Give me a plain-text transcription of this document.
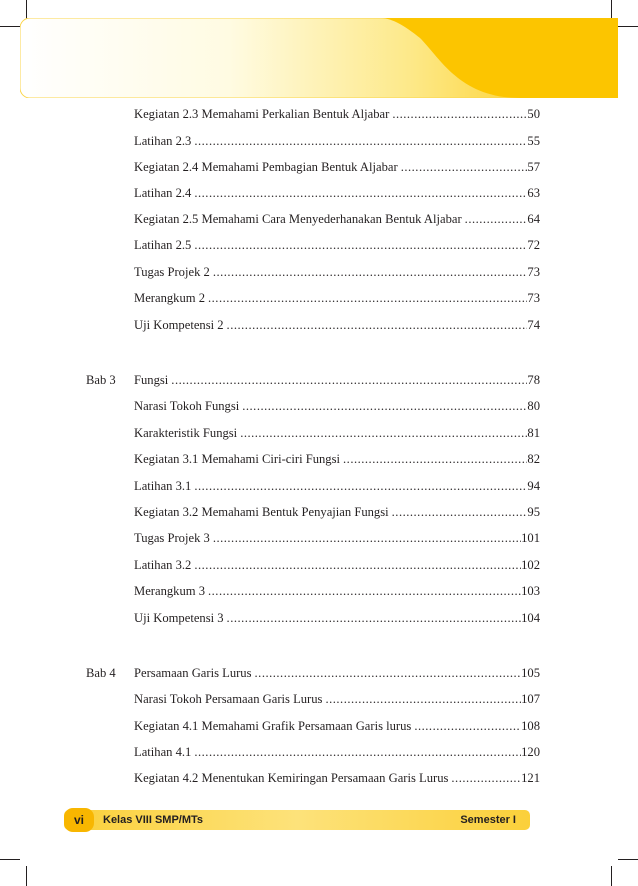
Kegiatan 2.3 Memahami Perkalian Bentuk Aljabar .....	50
Latihan 2.3 .....	55
Kegiatan 2.4 Memahami Pembagian Bentuk Aljabar .....	57
Latihan 2.4 .....	63
Kegiatan 2.5 Memahami Cara Menyederhanakan Bentuk Aljabar .....	64
Latihan 2.5 .....	72
Tugas Projek 2 .....	73
Merangkum 2 .....	73
Uji Kompetensi 2 .....	74
Bab 3 Fungsi .....	78
Narasi Tokoh Fungsi .....	80
Karakteristik Fungsi .....	81
Kegiatan 3.1 Memahami Ciri-ciri Fungsi .....	82
Latihan 3.1 .....	94
Kegiatan 3.2 Memahami Bentuk Penyajian Fungsi .....	95
Tugas Projek 3 .....	101
Latihan 3.2 .....	102
Merangkum 3 .....	103
Uji Kompetensi 3 .....	104
Bab 4 Persamaan Garis Lurus .....	105
Narasi Tokoh Persamaan Garis Lurus .....	107
Kegiatan 4.1 Memahami Grafik Persamaan Garis lurus .....	108
Latihan 4.1 .....	120
Kegiatan 4.2 Menentukan Kemiringan Persamaan Garis Lurus .....	121
vi	Kelas VIII SMP/MTs	Semester I
